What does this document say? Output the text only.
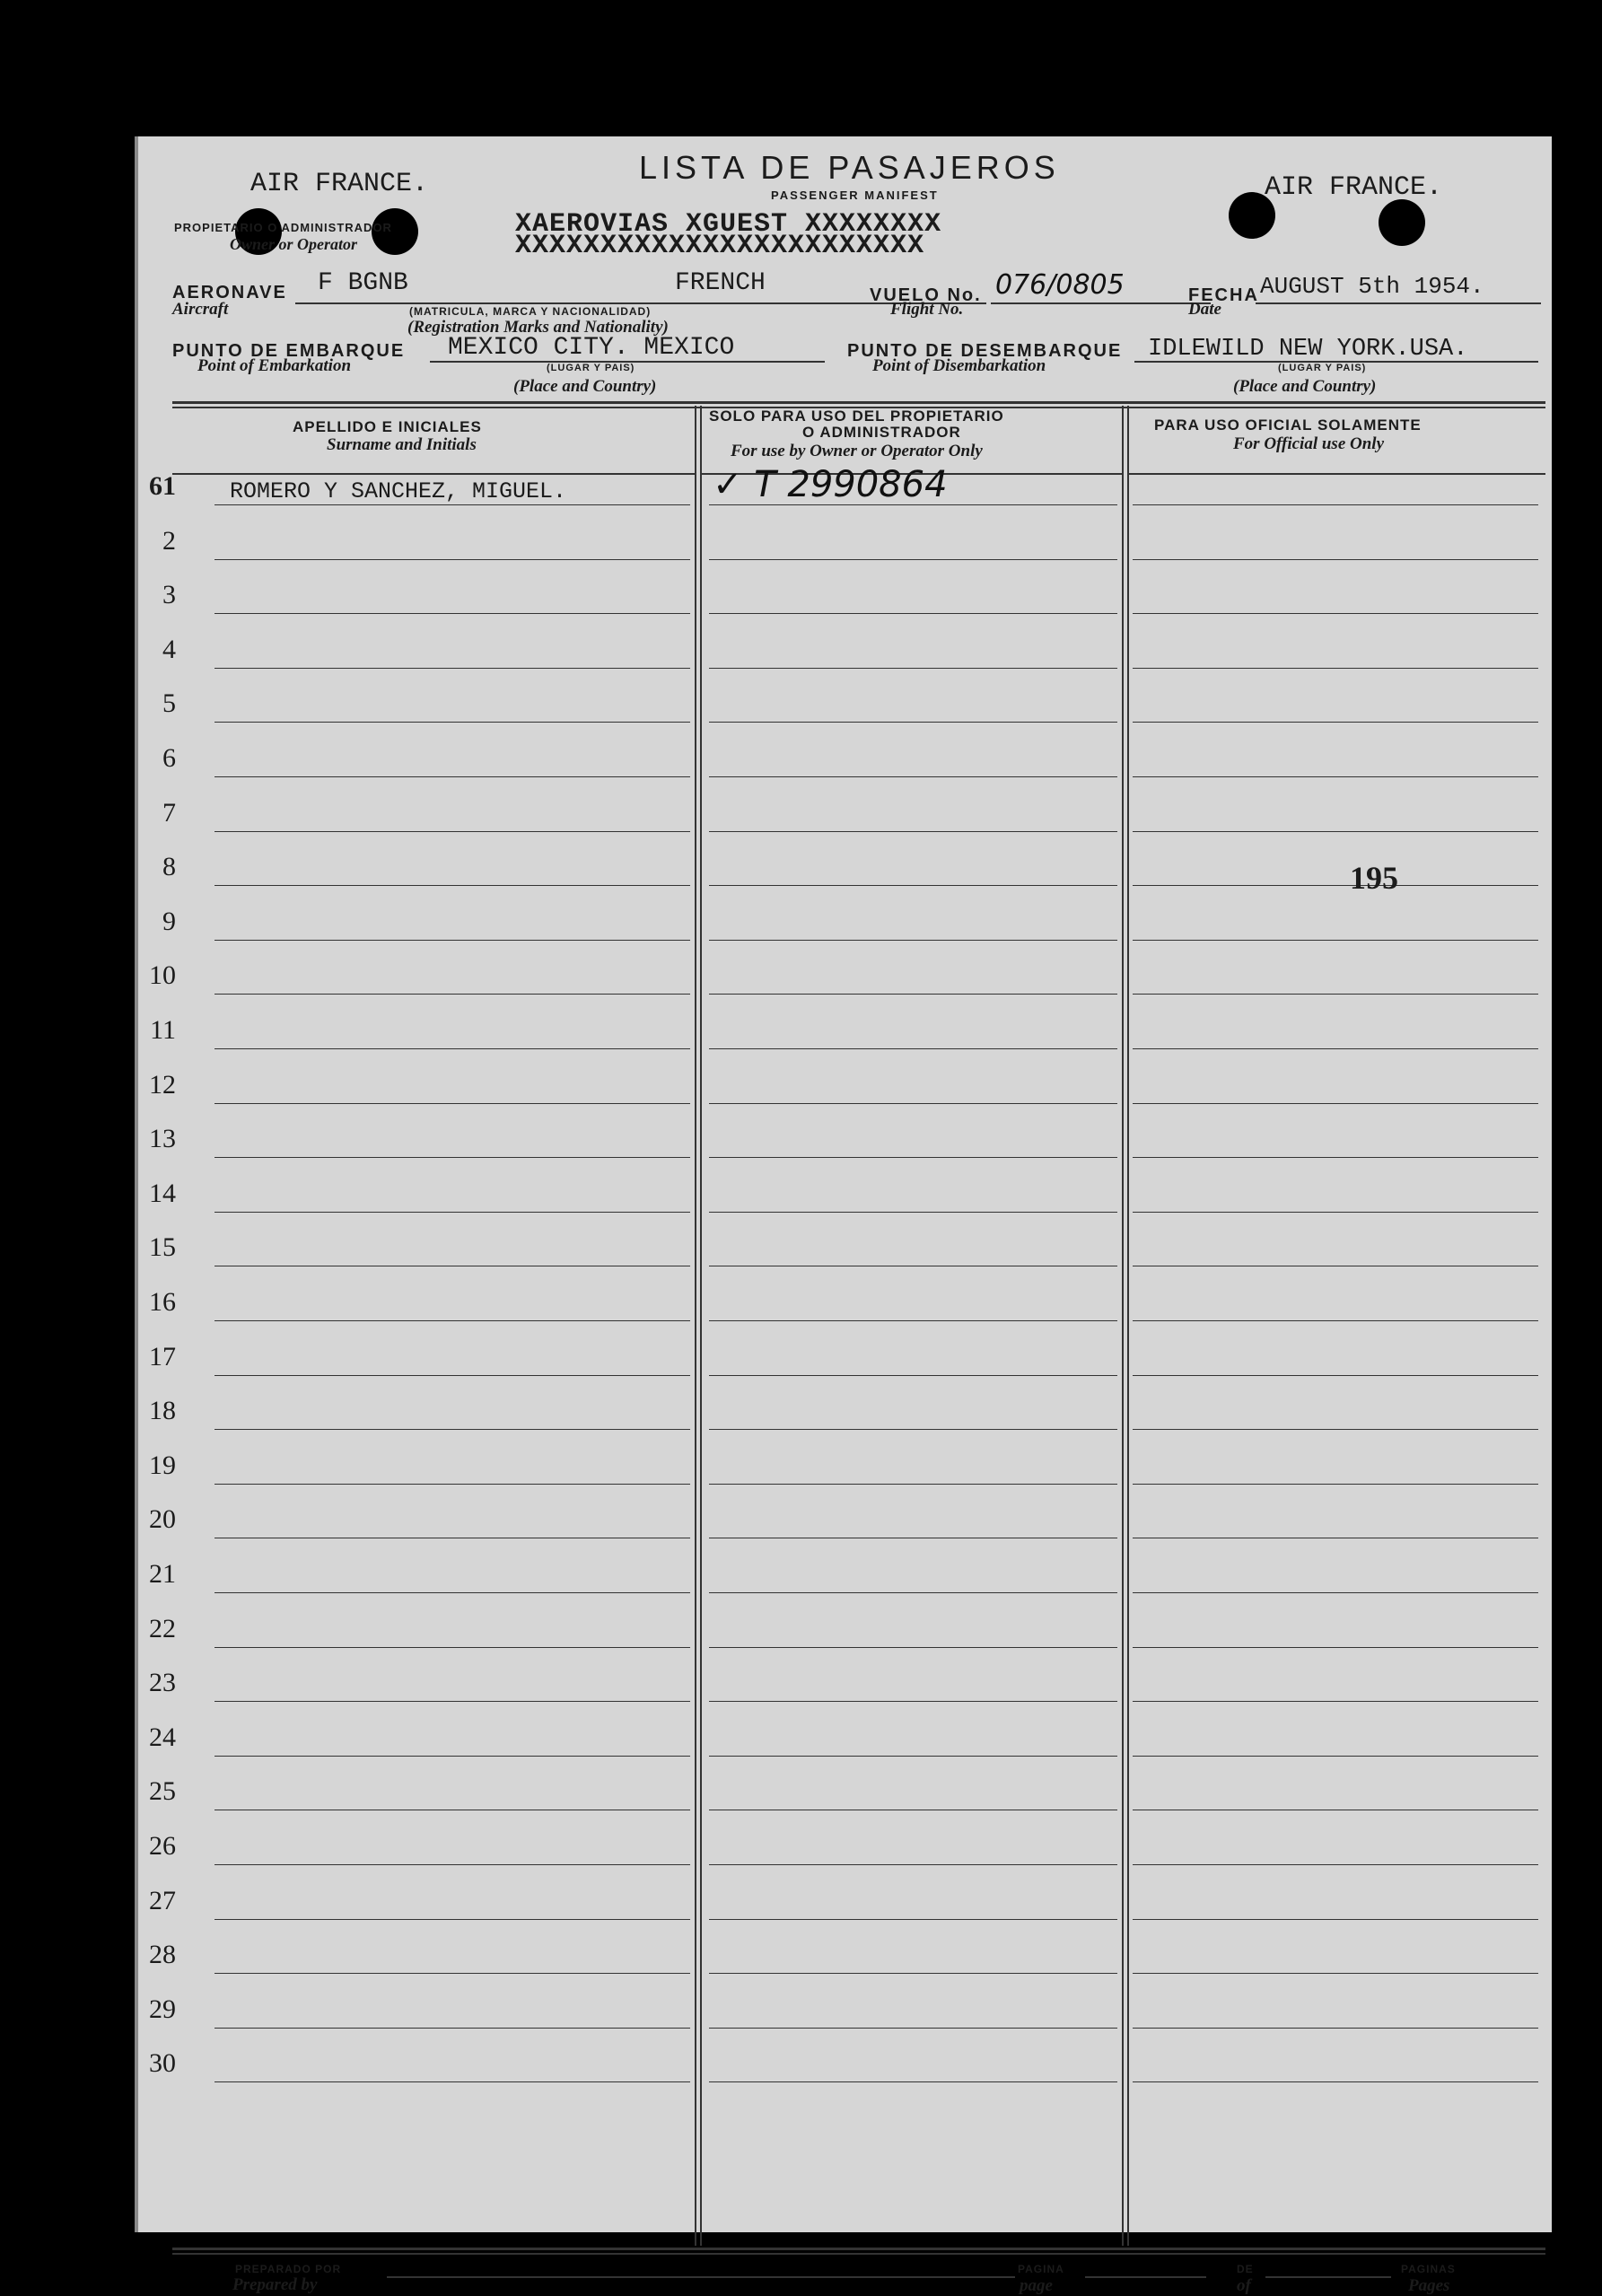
AIR FRANCE.	AIR FRANCE.
LISTA DE PASAJEROS
PASSENGER MANIFEST
PROPIETARIO O ADMINISTRADOR
Owner or Operator
XAEROVIAS XGUEST XXXXXXXX
XXXXXXXXXXXXXXXXXXXXXXXX
AERONAVE
Aircraft
F BGNB	FRENCH
(MATRICULA, MARCA Y NACIONALIDAD)
(Registration Marks and Nationality)
VUELO No.
Flight No.
076/0805	FECHA
Date
AUGUST 5th 1954.
PUNTO DE EMBARQUE
Point of Embarkation
MEXICO CITY. MEXICO
(LUGAR Y PAIS)
(Place and Country)
PUNTO DE DESEMBARQUE
Point of Disembarkation
IDLEWILD NEW YORK.USA.
(LUGAR Y PAIS)
(Place and Country)
APELLIDO E INICIALES
Surname and Initials
SOLO PARA USO DEL PROPIETARIO
O ADMINISTRADOR
For use by Owner or Operator Only
PARA USO OFICIAL SOLAMENTE
For Official use Only
61 ROMERO Y SANCHEZ, MIGUEL.	✓ T 2990864
2
3
4
5
6
7
8
9
10
11
12
13
14
15
16
17
18
19
20
21
22
23
24
25
26
27
28
29
30
195
PREPARADO POR
Prepared by
PAGINA
page
DE
of
PAGINAS
Pages
